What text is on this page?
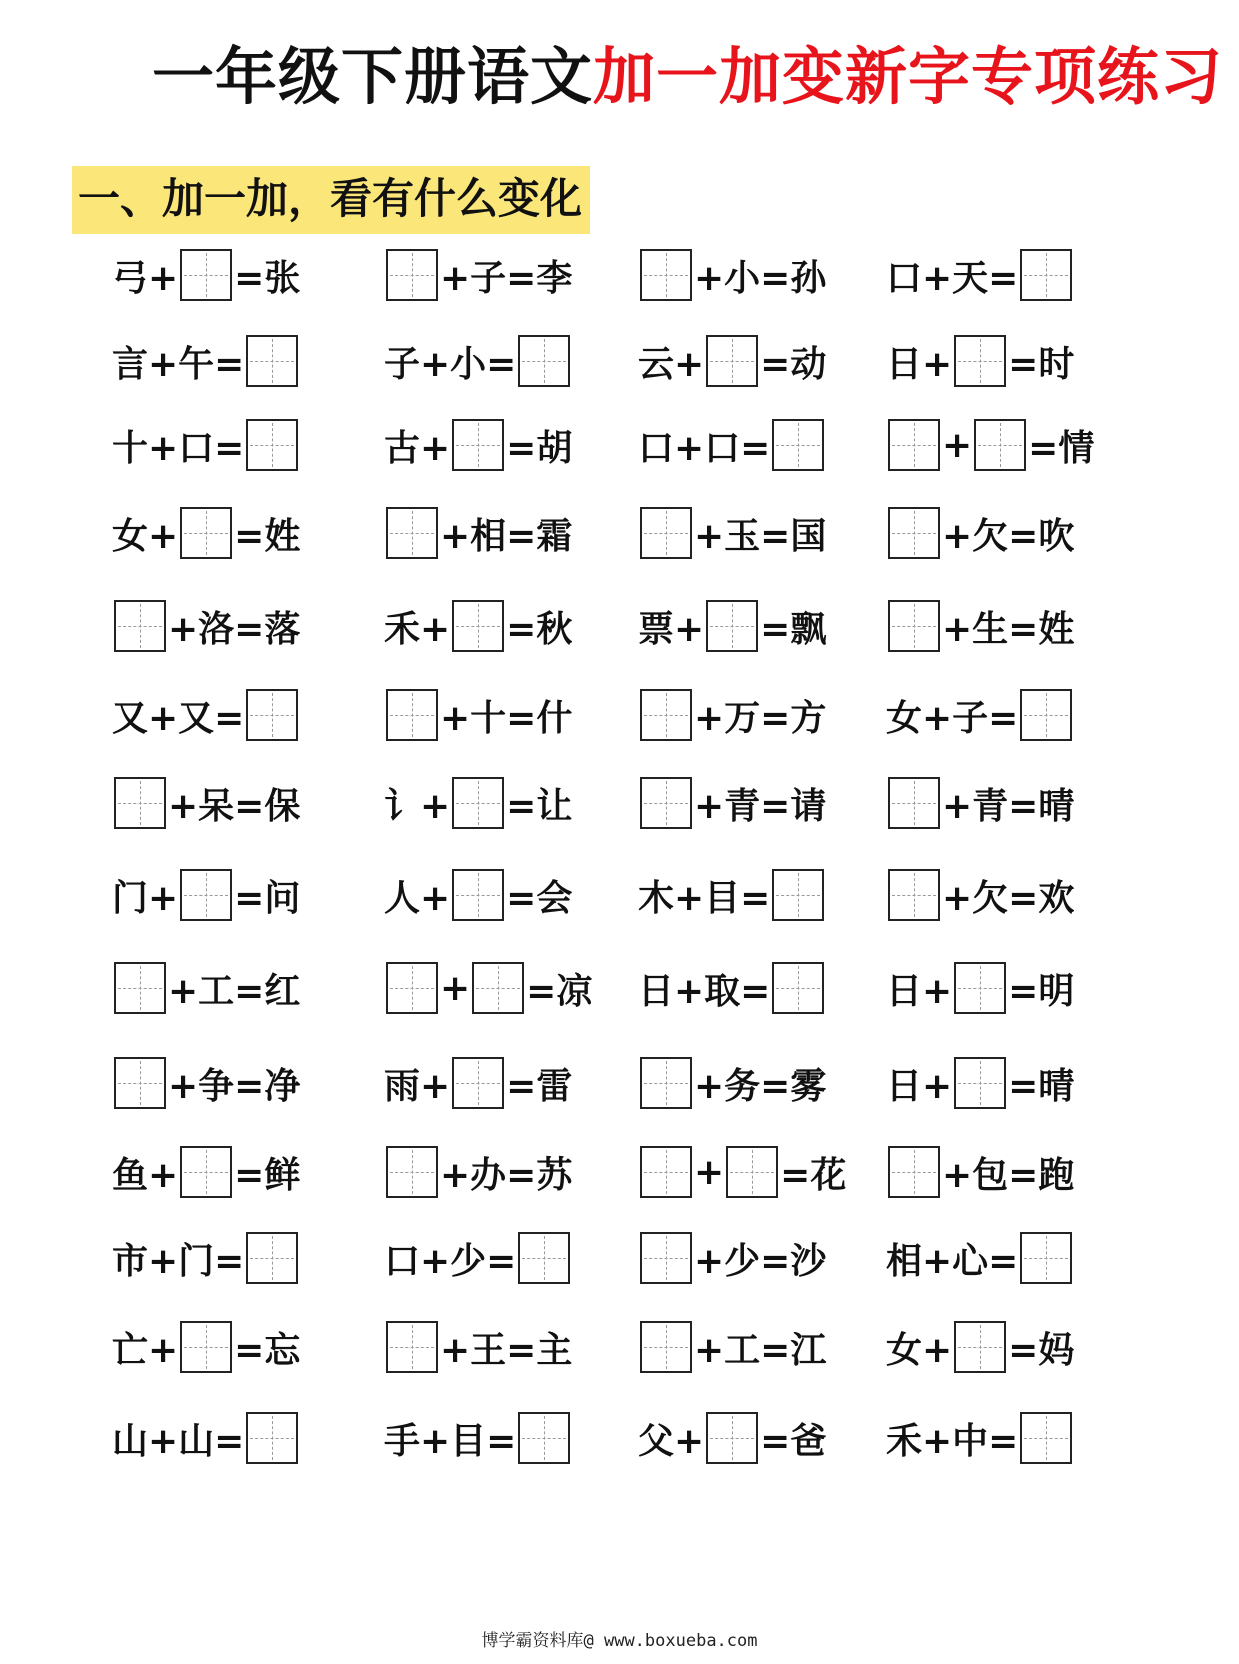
一年级下册语文加一加变新字专项练习
一、加一加，看有什么变化
弓+ =张	+子=李	+小=孙 口+天=
言+午=	子+小=	云+ =动 日+ =时
十+口=	古+ =胡 口+口=	+ =情
女+ =姓	+相=霜	+玉=国	+欠=吹
+洛=落 禾+ =秋 票+ =飘	+生=姓
又+又=	+十=什	+万=方 女+子=
+呆=保 讠+ =让	+青=请	+青=晴
门+ =问 人+ =会 木+目=	+欠=欢
+工=红	+ =凉 日+取=	日+ =明
+争=净 雨+ =雷	+务=雾 日+ =晴
鱼+ =鲜	+办=苏	+ =花	+包=跑
市+门=	口+少=	+少=沙 相+心=
亡+ =忘	+王=主	+工=江 女+ =妈
山+山=	手+目=	父+ =爸 禾+中=
博学霸资料库@ www.boxueba.com
